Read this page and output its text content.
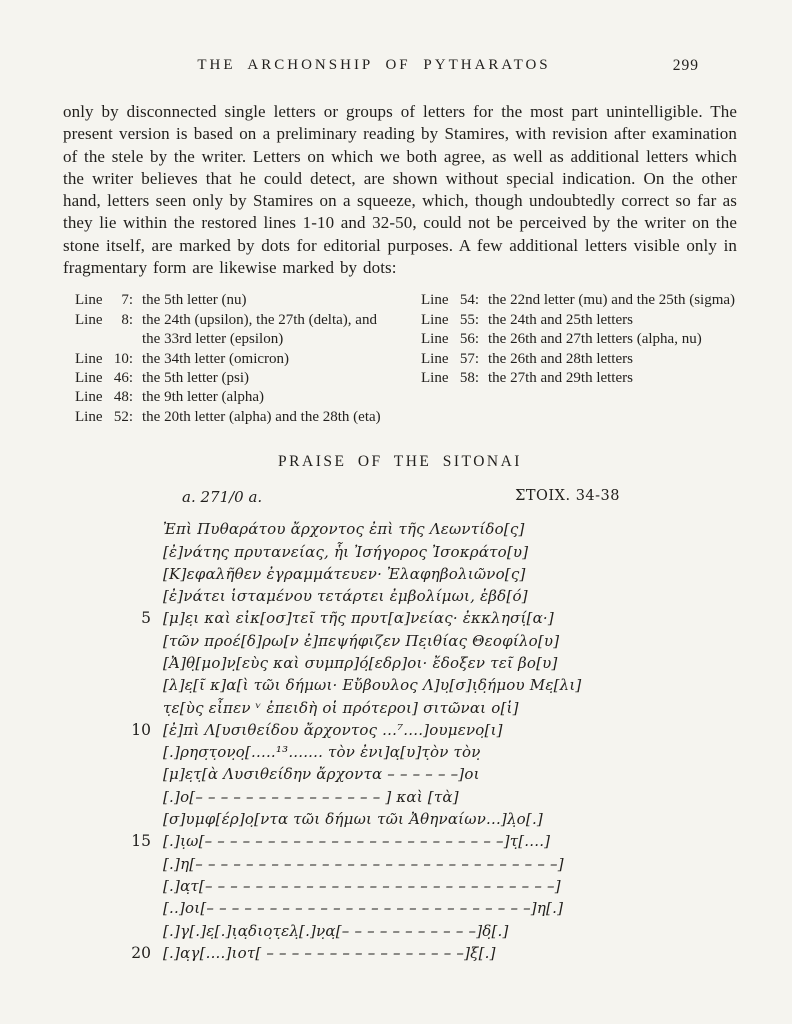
THE ARCHONSHIP OF PYTHARATOS	299

only by disconnected single letters or groups of letters for the most part unintelligible. The present version is based on a preliminary reading by Stamires, with revision after examination of the stele by the writer. Letters on which we both agree, as well as additional letters which the writer believes that he could detect, are shown without special indication. On the other hand, letters seen only by Stamires on a squeeze, which, though undoubtedly correct so far as they lie within the restored lines 1-10 and 32-50, could not be perceived by the writer on the stone itself, are marked by dots for editorial purposes. A few additional letters visible only in fragmentary form are likewise marked by dots:

Line	7: the 5th letter (nu)
Line	8: the 24th (upsilon), the 27th (delta), and the 33rd letter (epsilon)
Line 10: the 34th letter (omicron)
Line 46: the 5th letter (psi)
Line 48: the 9th letter (alpha)
Line 52: the 20th letter (alpha) and the 28th (eta)
Line 54: the 22nd letter (mu) and the 25th (sigma)
Line 55: the 24th and 25th letters
Line 56: the 26th and 27th letters (alpha, nu)
Line 57: the 26th and 28th letters
Line 58: the 27th and 29th letters
PRAISE OF THE SITONAI
a. 271/0 a.	ΣΤΟΙΧ. 34-38
Ἐπὶ Πυθαράτου ἄρχοντος ἐπὶ τῆς Λεωντίδο[ς]
[ἐ]νάτης πρυτανείας, ἧι Ἰσήγορος Ἰσοκράτο[υ]
[Κ]εφαλῆθεν ἐγραμμάτευεν· Ἐλαφηβολιῶνο[ς]
[ἐ]νάτει ἱσταμένου τετάρτει ἐμβολίμωι, ἑβδ[ό]
5 [μ]ε̣ι καὶ εἰκ[οσ]τεῖ τῆς πρυτ[α]νείας· ἐκκλησί̣[α·]
[τῶν προέ[δ]ρω[ν ἐ]πεψήφιζεν Πε̣ιθίας Θεοφίλο[υ]
[Ἀ]θ̣[μο]ν̣[εὺς καὶ συμπρ]ό̣[εδρ]οι· ἔδοξεν τεῖ βο[υ]
[λ]ε̣[ῖ κ]α[ὶ τῶι δήμωι· Εὔβουλος Λ]υ̣[σ]ι̣δ̣ήμου Με̣[λι]
τ̣ε[ὺς εἶπεν ᵛ ἐπειδὴ οἱ πρότεροι] σιτῶναι ο[ἱ]
10 [ἐ]πὶ Λ[υσιθείδου ἄρχοντος ...⁷....]ουμενο̣[ι]
[.]ρησ̣τ̣ον̣ο̣[.....¹³....... τὸν ἐνι]α̣[υ]τ̣ὸν τὸν̣
[μ]ε̣τ̣[ὰ Λυσιθείδην ἄρχοντα – – – – – –]οι
[.]ο[– – – – – – – – – – – – – – – ] καὶ [τὰ]
[σ]υμφ[έρ]ο̣[ντα τῶι δήμωι τῶι Ἀθηναίων...]λ̣ο[.]
15 [.]ι̣ω[– – – – – – – – – – – – – – – – – – – – – – – –]τ̣[....]
[.]η[– – – – – – – – – – – – – – – – – – – – – – – – – – – – –]
[.]α̣τ[– – – – – – – – – – – – – – – – – – – – – – – – – – – –]
[..]οι[– – – – – – – – – – – – – – – – – – – – – – – – – –]η̣[.]
[.]γ[.]ε̣[.]ι̣α̣διο̣τ̣ελ̣[.]ν̣α̣[– – – – – – – – – – –]δ̣[.]
20 [.]α̣γ[....]ιοτ[ – – – – – – – – – – – – – – – –]ξ[.]
